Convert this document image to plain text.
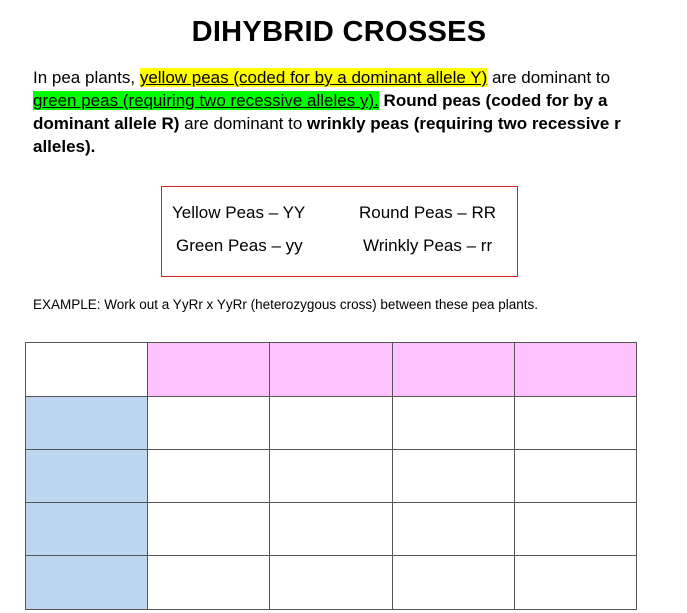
DIHYBRID CROSSES
In pea plants, yellow peas (coded for by a dominant allele Y) are dominant to green peas (requiring two recessive alleles y). Round peas (coded for by a dominant allele R) are dominant to wrinkly peas (requiring two recessive r alleles).
Yellow Peas – YY	Round Peas – RR
Green Peas – yy	Wrinkly Peas – rr
EXAMPLE: Work out a YyRr x YyRr (heterozygous cross) between these pea plants.
